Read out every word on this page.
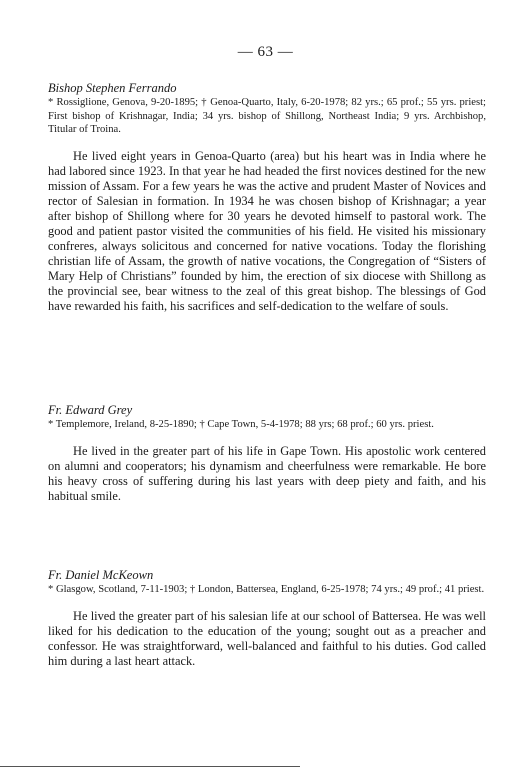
— 63 —

Bishop Stephen Ferrando

* Rossiglione, Genova, 9-20-1895; † Genoa-Quarto, Italy, 6-20-1978; 82 yrs.; 65 prof.; 55 yrs. priest; First bishop of Krishnagar, India; 34 yrs. bishop of Shillong, Northeast India; 9 yrs. Archbishop, Titular of Troina.

He lived eight years in Genoa-Quarto (area) but his heart was in India where he had labored since 1923. In that year he had headed the first novices destined for the new mission of Assam. For a few years he was the active and prudent Master of Novices and rector of Salesian in formation. In 1934 he was chosen bishop of Krishnagar; a year after bishop of Shillong where for 30 years he devoted himself to pastoral work. The good and patient pastor visited the communities of his field. He visited his missionary confreres, always solicitous and concerned for native vocations. Today the florishing christian life of Assam, the growth of native vocations, the Congregation of “Sisters of Mary Help of Christians” founded by him, the erection of six diocese with Shillong as the provincial see, bear witness to the zeal of this great bishop. The blessings of God have rewarded his faith, his sacrifices and self-dedication to the welfare of souls.

Fr. Edward Grey

* Templemore, Ireland, 8-25-1890; † Cape Town, 5-4-1978; 88 yrs; 68 prof.; 60 yrs. priest.

He lived in the greater part of his life in Gape Town. His apostolic work centered on alumni and cooperators; his dynamism and cheerfulness were remarkable. He bore his heavy cross of suffering during his last years with deep piety and faith, and his habitual smile.

Fr. Daniel McKeown

* Glasgow, Scotland, 7-11-1903; † London, Battersea, England, 6-25-1978; 74 yrs.; 49 prof.; 41 priest.

He lived the greater part of his salesian life at our school of Battersea. He was well liked for his dedication to the education of the young; sought out as a preacher and confessor. He was straightforward, well-balanced and faithful to his duties. God called him during a last heart attack.
